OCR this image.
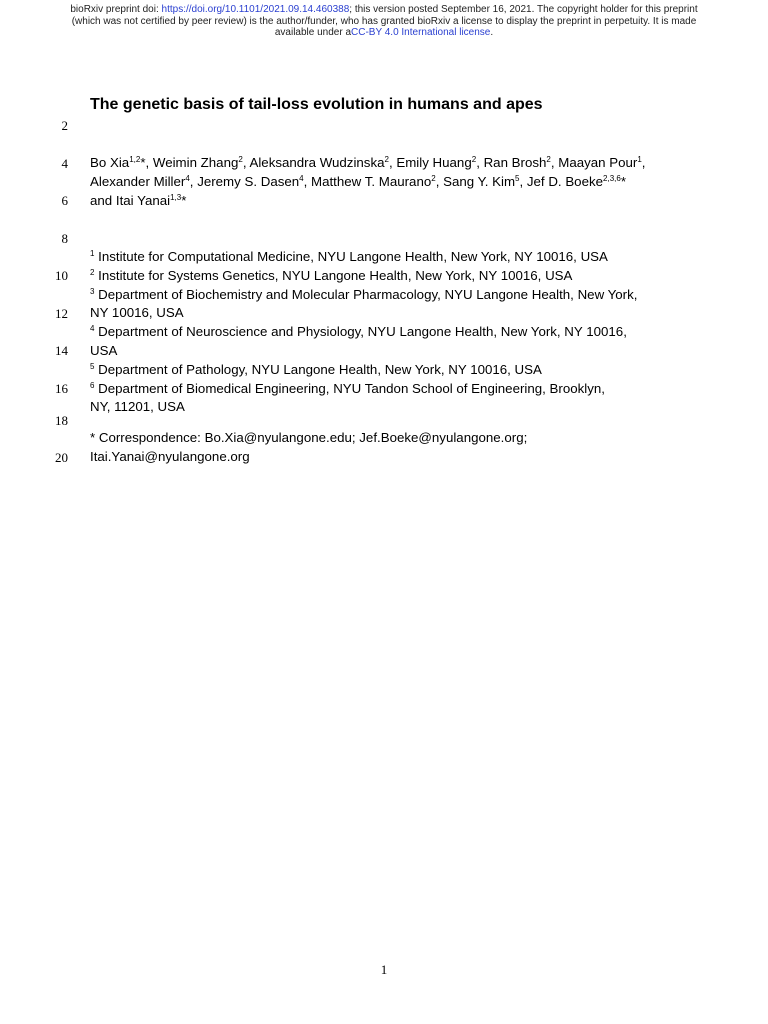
bioRxiv preprint doi: https://doi.org/10.1101/2021.09.14.460388; this version posted September 16, 2021. The copyright holder for this preprint
(which was not certified by peer review) is the author/funder, who has granted bioRxiv a license to display the preprint in perpetuity. It is made
available under aCC-BY 4.0 International license.
The genetic basis of tail-loss evolution in humans and apes
2
4
6
8
10
12
14
16
18
20
Bo Xia$^{1,2}$*, Weimin Zhang$^2$, Aleksandra Wudzinska$^2$, Emily Huang$^2$, Ran Brosh$^2$, Maayan Pour$^1$,
Alexander Miller$^4$, Jeremy S. Dasen$^4$, Matthew T. Maurano$^2$, Sang Y. Kim$^5$, Jef D. Boeke$^{2,3,6}$*
and Itai Yanai$^{1,3}$*
$^1$ Institute for Computational Medicine, NYU Langone Health, New York, NY 10016, USA
$^2$ Institute for Systems Genetics, NYU Langone Health, New York, NY 10016, USA
$^3$ Department of Biochemistry and Molecular Pharmacology, NYU Langone Health, New York,
NY 10016, USA
$^4$ Department of Neuroscience and Physiology, NYU Langone Health, New York, NY 10016,
USA
$^5$ Department of Pathology, NYU Langone Health, New York, NY 10016, USA
$^6$ Department of Biomedical Engineering, NYU Tandon School of Engineering, Brooklyn,
NY, 11201, USA
* Correspondence: Bo.Xia@nyulangone.edu; Jef.Boeke@nyulangone.org;
Itai.Yanai@nyulangone.org
1
